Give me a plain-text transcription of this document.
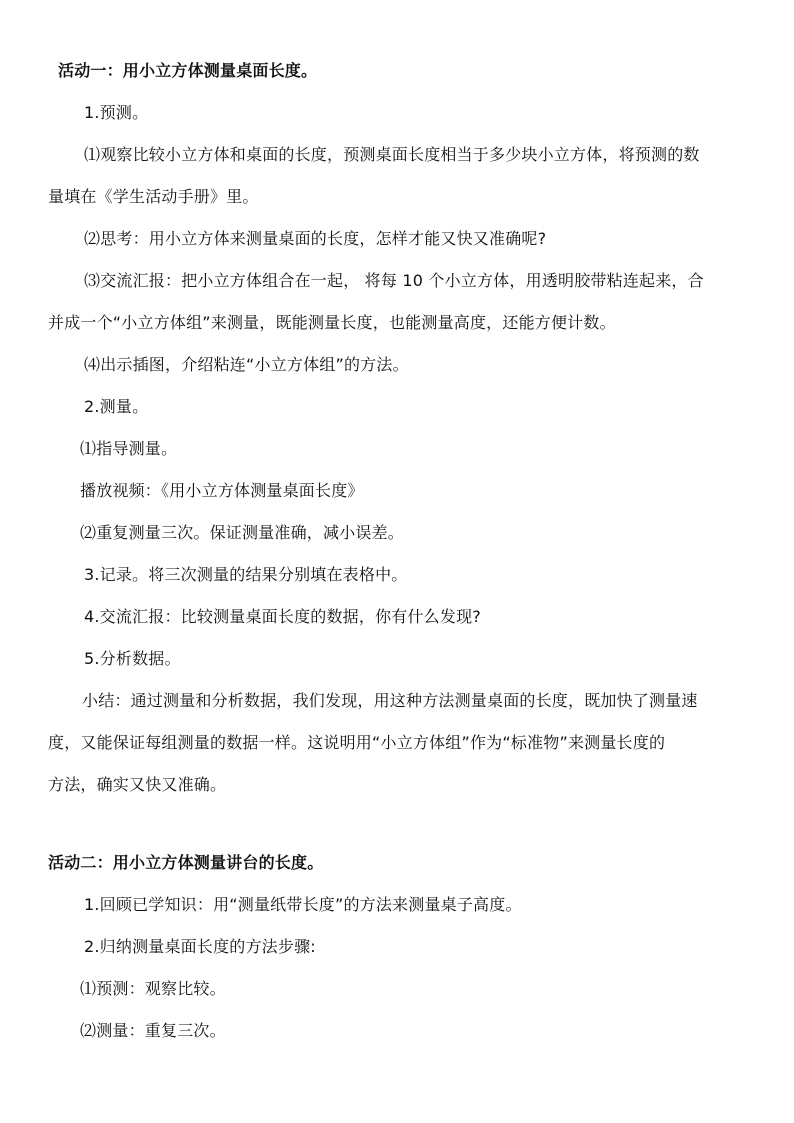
活动一：用小立方体测量桌面长度。
1.预测。
⑴观察比较小立方体和桌面的长度，预测桌面长度相当于多少块小立方体，将预测的数
量填在《学生活动手册》里。
⑵思考：用小立方体来测量桌面的长度，怎样才能又快又准确呢?
⑶交流汇报：把小立方体组合在一起， 将每 10 个小立方体，用透明胶带粘连起来，合
并成一个“小立方体组”来测量，既能测量长度，也能测量高度，还能方便计数。
⑷出示插图，介绍粘连“小立方体组”的方法。
2.测量。
⑴指导测量。
播放视频：《用小立方体测量桌面长度》
⑵重复测量三次。保证测量准确，减小误差。
3.记录。将三次测量的结果分别填在表格中。
4.交流汇报：比较测量桌面长度的数据，你有什么发现?
5.分析数据。
小结：通过测量和分析数据，我们发现，用这种方法测量桌面的长度，既加快了测量速
度，又能保证每组测量的数据一样。这说明用“小立方体组”作为“标准物”来测量长度的
方法，确实又快又准确。
活动二：用小立方体测量讲台的长度。
1.回顾已学知识：用“测量纸带长度”的方法来测量桌子高度。
2.归纳测量桌面长度的方法步骤:
⑴预测：观察比较。
⑵测量：重复三次。
